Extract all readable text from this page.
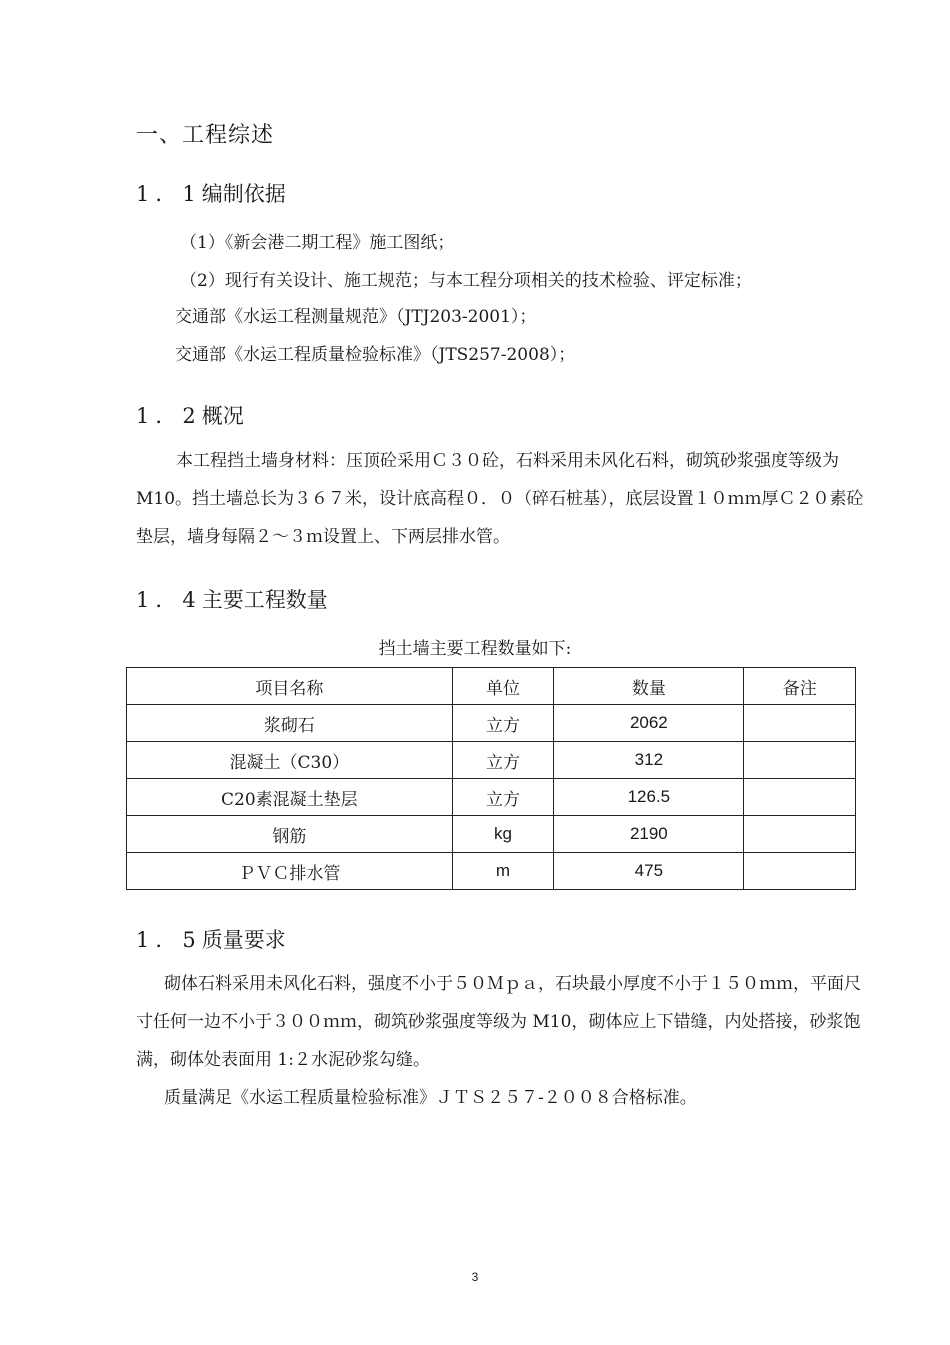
一、工程综述
1．1编制依据
（1）《新会港二期工程》施工图纸；
（2）现行有关设计、施工规范；与本工程分项相关的技术检验、评定标准；
交通部《水运工程测量规范》（JTJ203-2001）；
交通部《水运工程质量检验标准》（JTS257-2008）；
1．2概况

本工程挡土墙身材料：压顶砼采用Ｃ３０砼，石料采用未风化石料，砌筑砂浆强度等级为 M10。挡土墙总长为３６７米，设计底高程０．０（碎石桩基），底层设置１０ｍｍ厚Ｃ２０素砼垫层，墙身每隔２～３ｍ设置上、下两层排水管。

1．4主要工程数量
挡土墙主要工程数量如下:
项目名称	单位	数量	备注
浆砌石	立方	2062	
混凝土（C30）	立方	312	
C20素混凝土垫层	立方	126.5	
钢筋	kg	2190	
ＰＶＣ排水管	m	475	
1．5质量要求

砌体石料采用未风化石料，强度不小于５０Ｍｐａ，石块最小厚度不小于１５０ｍｍ，平面尺寸任何一边不小于３００ｍｍ，砌筑砂浆强度等级为 M10，砌体应上下错缝，内处搭接，砂浆饱满，砌体处表面用 1:２水泥砂浆勾缝。

质量满足《水运工程质量检验标准》ＪＴＳ２５７-２００８合格标准。

3
